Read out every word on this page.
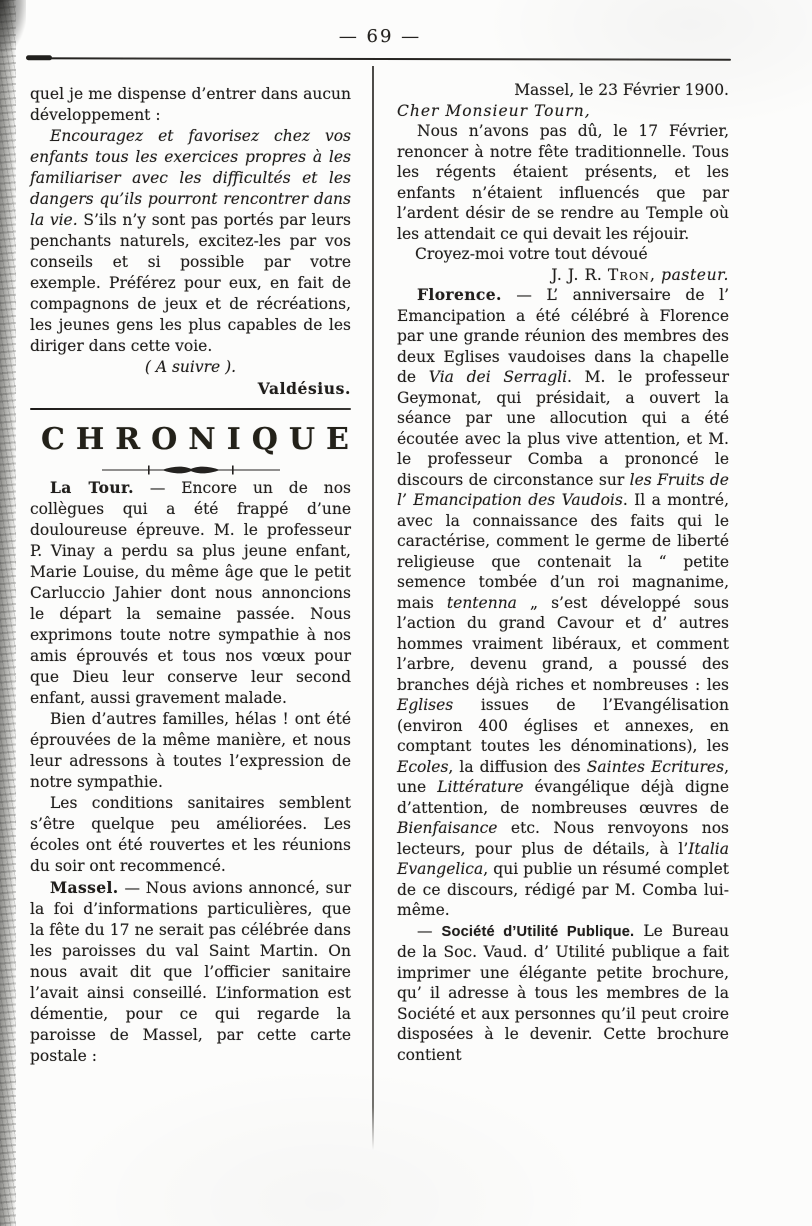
— 69 —

quel je me dispense d’entrer dans aucun développement :

Encouragez et favorisez chez vos enfants tous les exercices propres à les familiariser avec les difficultés et les dangers qu’ils pourront rencontrer dans la vie. S’ils n’y sont pas portés par leurs penchants naturels, excitez-les par vos conseils et si possible par votre exemple. Préférez pour eux, en fait de compagnons de jeux et de récréations, les jeunes gens les plus capables de les diriger dans cette voie.

( A suivre ).

Valdésius.

CHRONIQUE

La Tour. — Encore un de nos collègues qui a été frappé d’une douloureuse épreuve. M. le professeur P. Vinay a perdu sa plus jeune enfant, Marie Louise, du même âge que le petit Carluccio Jahier dont nous annoncions le départ la semaine passée. Nous exprimons toute notre sympathie à nos amis éprouvés et tous nos vœux pour que Dieu leur conserve leur second enfant, aussi gravement malade.

Bien d’autres familles, hélas ! ont été éprouvées de la même manière, et nous leur adressons à toutes l’expression de notre sympathie.

Les conditions sanitaires semblent s’être quelque peu améliorées. Les écoles ont été rouvertes et les réunions du soir ont recommencé.

Massel. — Nous avions annoncé, sur la foi d’informations particulières, que la fête du 17 ne serait pas célébrée dans les paroisses du val Saint Martin. On nous avait dit que l’officier sanitaire l’avait ainsi conseillé. L’information est démentie, pour ce qui regarde la paroisse de Massel, par cette carte postale :

Massel, le 23 Février 1900.

Cher Monsieur Tourn,

Nous n’avons pas dû, le 17 Février, renoncer à notre fête traditionnelle. Tous les régents étaient présents, et les enfants n’étaient influencés que par l’ardent désir de se rendre au Temple où les attendait ce qui devait les réjouir.

Croyez-moi votre tout dévoué

J. J. R. Tron, pasteur.

Florence. — L’ anniversaire de l’ Emancipation a été célébré à Florence par une grande réunion des membres des deux Eglises vaudoises dans la chapelle de Via dei Serragli. M. le professeur Geymonat, qui présidait, a ouvert la séance par une allocution qui a été écoutée avec la plus vive attention, et M. le professeur Comba a prononcé le discours de circonstance sur les Fruits de l’ Emancipation des Vaudois. Il a montré, avec la connaissance des faits qui le caractérise, comment le germe de liberté religieuse que contenait la “ petite semence tombée d’un roi magnanime, mais tentenna „ s’est développé sous l’action du grand Cavour et d’ autres hommes vraiment libéraux, et comment l’arbre, devenu grand, a poussé des branches déjà riches et nombreuses : les Eglises issues de l’Evangélisation (environ 400 églises et annexes, en comptant toutes les dénominations), les Ecoles, la diffusion des Saintes Ecritures, une Littérature évangélique déjà digne d’attention, de nombreuses œuvres de Bienfaisance etc. Nous renvoyons nos lecteurs, pour plus de détails, à l’Italia Evangelica, qui publie un résumé complet de ce discours, rédigé par M. Comba lui-même.

— Société d’Utilité Publique. Le Bureau de la Soc. Vaud. d’ Utilité publique a fait imprimer une élégante petite brochure, qu’ il adresse à tous les membres de la Société et aux personnes qu’il peut croire disposées à le devenir. Cette brochure contient
